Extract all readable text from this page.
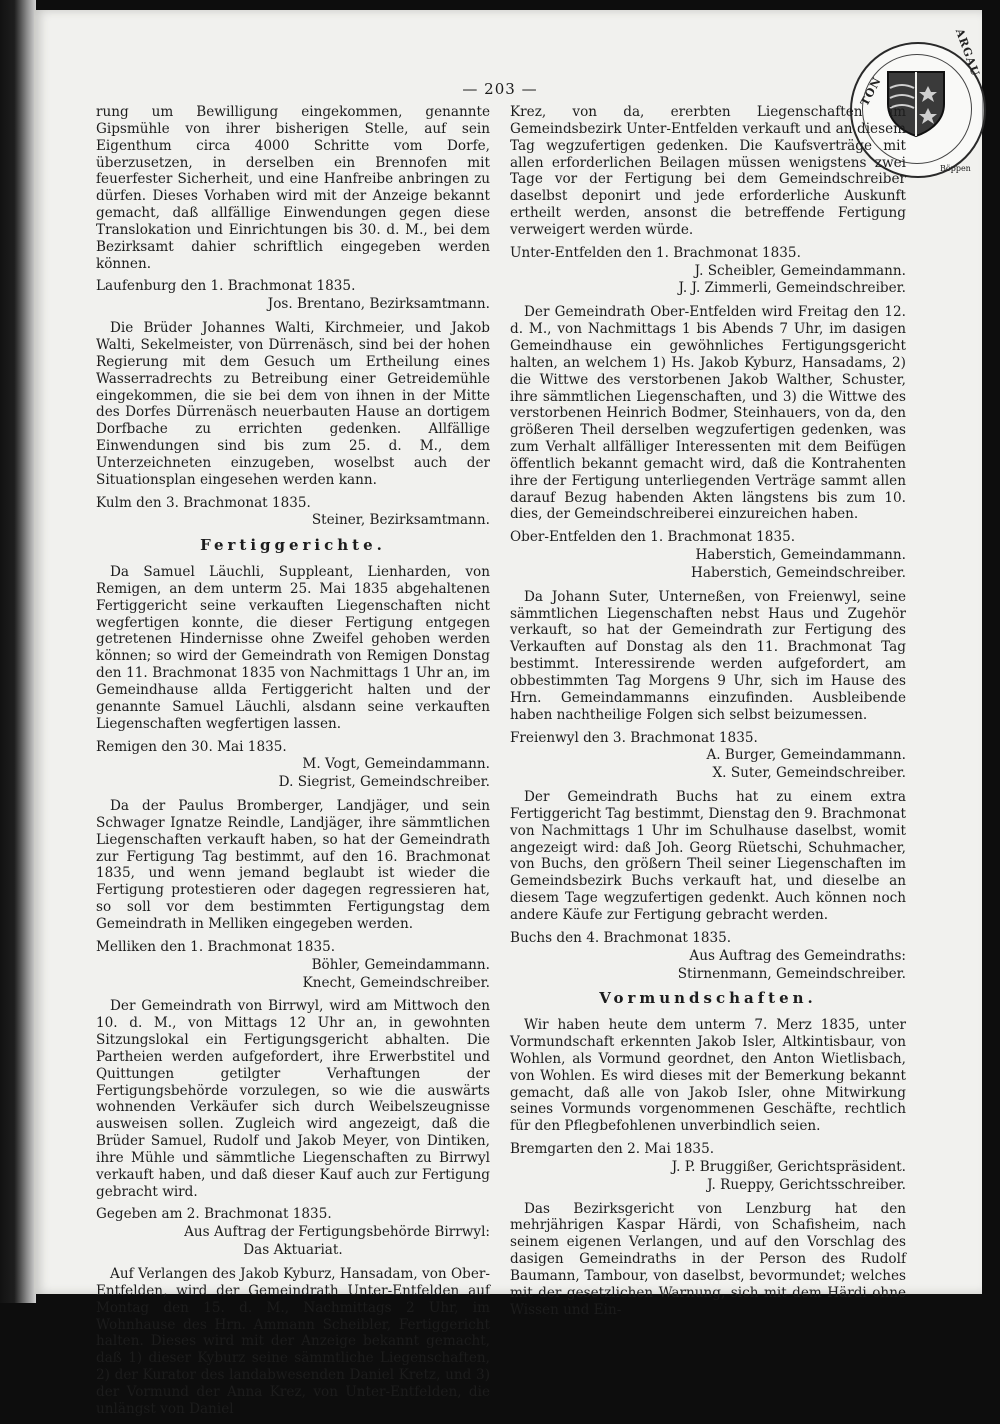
— 203 —	TON
ARGAU
Böppen

rung um Bewilligung eingekommen, genannte Gipsmühle von ihrer bisherigen Stelle, auf sein Eigenthum circa 4000 Schritte vom Dorfe, überzusetzen, in derselben ein Brennofen mit feuerfester Sicherheit, und eine Hanfreibe anbringen zu dürfen. Dieses Vorhaben wird mit der Anzeige bekannt gemacht, daß allfällige Einwendungen gegen diese Translokation und Einrichtungen bis 30. d. M., bei dem Bezirksamt dahier schriftlich eingegeben werden können.

Laufenburg den 1. Brachmonat 1835.
Jos. Brentano, Bezirksamtmann.

Die Brüder Johannes Walti, Kirchmeier, und Jakob Walti, Sekelmeister, von Dürrenäsch, sind bei der hohen Regierung mit dem Gesuch um Ertheilung eines Wasserradrechts zu Betreibung einer Getreidemühle eingekommen, die sie bei dem von ihnen in der Mitte des Dorfes Dürrenäsch neuerbauten Hause an dortigem Dorfbache zu errichten gedenken. Allfällige Einwendungen sind bis zum 25. d. M., dem Unterzeichneten einzugeben, woselbst auch der Situationsplan eingesehen werden kann.

Kulm den 3. Brachmonat 1835.
Steiner, Bezirksamtmann.
Fertiggerichte.

Da Samuel Läuchli, Suppleant, Lienharden, von Remigen, an dem unterm 25. Mai 1835 abgehaltenen Fertiggericht seine verkauften Liegenschaften nicht wegfertigen konnte, die dieser Fertigung entgegen getretenen Hindernisse ohne Zweifel gehoben werden können; so wird der Gemeindrath von Remigen Donstag den 11. Brachmonat 1835 von Nachmittags 1 Uhr an, im Gemeindhause allda Fertiggericht halten und der genannte Samuel Läuchli, alsdann seine verkauften Liegenschaften wegfertigen lassen.

Remigen den 30. Mai 1835.
M. Vogt, Gemeindammann.
D. Siegrist, Gemeindschreiber.

Da der Paulus Bromberger, Landjäger, und sein Schwager Ignatze Reindle, Landjäger, ihre sämmtlichen Liegenschaften verkauft haben, so hat der Gemeindrath zur Fertigung Tag bestimmt, auf den 16. Brachmonat 1835, und wenn jemand beglaubt ist wieder die Fertigung protestieren oder dagegen regressieren hat, so soll vor dem bestimmten Fertigungstag dem Gemeindrath in Melliken eingegeben werden.

Melliken den 1. Brachmonat 1835.
Böhler, Gemeindammann.
Knecht, Gemeindschreiber.

Der Gemeindrath von Birrwyl, wird am Mittwoch den 10. d. M., von Mittags 12 Uhr an, in gewohnten Sitzungslokal ein Fertigungsgericht abhalten. Die Partheien werden aufgefordert, ihre Erwerbstitel und Quittungen getilgter Verhaftungen der Fertigungsbehörde vorzulegen, so wie die auswärts wohnenden Verkäufer sich durch Weibelszeugnisse ausweisen sollen. Zugleich wird angezeigt, daß die Brüder Samuel, Rudolf und Jakob Meyer, von Dintiken, ihre Mühle und sämmtliche Liegenschaften zu Birrwyl verkauft haben, und daß dieser Kauf auch zur Fertigung gebracht wird.

Gegeben am 2. Brachmonat 1835.
Aus Auftrag der Fertigungsbehörde Birrwyl:
Das Aktuariat.

Auf Verlangen des Jakob Kyburz, Hansadam, von Ober-Entfelden, wird der Gemeindrath Unter-Entfelden auf Montag den 15. d. M., Nachmittags 2 Uhr, im Wohnhause des Hrn. Ammann Scheibler, Fertiggericht halten. Dieses wird mit der Anzeige bekannt gemacht, daß 1) dieser Kyburz seine sämmtliche Liegenschaften, 2) der Kurator des landabwesenden Daniel Kretz, und 3) der Vormund der Anna Krez, von Unter-Entfelden, die unlängst von Daniel

Krez, von da, ererbten Liegenschaften im Gemeindsbezirk Unter-Entfelden verkauft und an diesem Tag wegzufertigen gedenken. Die Kaufsverträge mit allen erforderlichen Beilagen müssen wenigstens zwei Tage vor der Fertigung bei dem Gemeindschreiber daselbst deponirt und jede erforderliche Auskunft ertheilt werden, ansonst die betreffende Fertigung verweigert werden würde.

Unter-Entfelden den 1. Brachmonat 1835.
J. Scheibler, Gemeindammann.
J. J. Zimmerli, Gemeindschreiber.

Der Gemeindrath Ober-Entfelden wird Freitag den 12. d. M., von Nachmittags 1 bis Abends 7 Uhr, im dasigen Gemeindhause ein gewöhnliches Fertigungsgericht halten, an welchem 1) Hs. Jakob Kyburz, Hansadams, 2) die Wittwe des verstorbenen Jakob Walther, Schuster, ihre sämmtlichen Liegenschaften, und 3) die Wittwe des verstorbenen Heinrich Bodmer, Steinhauers, von da, den größeren Theil derselben wegzufertigen gedenken, was zum Verhalt allfälliger Interessenten mit dem Beifügen öffentlich bekannt gemacht wird, daß die Kontrahenten ihre der Fertigung unterliegenden Verträge sammt allen darauf Bezug habenden Akten längstens bis zum 10. dies, der Gemeindschreiberei einzureichen haben.

Ober-Entfelden den 1. Brachmonat 1835.
Haberstich, Gemeindammann.
Haberstich, Gemeindschreiber.

Da Johann Suter, Unterneßen, von Freienwyl, seine sämmtlichen Liegenschaften nebst Haus und Zugehör verkauft, so hat der Gemeindrath zur Fertigung des Verkauften auf Donstag als den 11. Brachmonat Tag bestimmt. Interessirende werden aufgefordert, am obbestimmten Tag Morgens 9 Uhr, sich im Hause des Hrn. Gemeindammanns einzufinden. Ausbleibende haben nachtheilige Folgen sich selbst beizumessen.

Freienwyl den 3. Brachmonat 1835.
A. Burger, Gemeindammann.
X. Suter, Gemeindschreiber.

Der Gemeindrath Buchs hat zu einem extra Fertiggericht Tag bestimmt, Dienstag den 9. Brachmonat von Nachmittags 1 Uhr im Schulhause daselbst, womit angezeigt wird: daß Joh. Georg Rüetschi, Schuhmacher, von Buchs, den größern Theil seiner Liegenschaften im Gemeindsbezirk Buchs verkauft hat, und dieselbe an diesem Tage wegzufertigen gedenkt. Auch können noch andere Käufe zur Fertigung gebracht werden.

Buchs den 4. Brachmonat 1835.
Aus Auftrag des Gemeindraths:
Stirnenmann, Gemeindschreiber.
Vormundschaften.

Wir haben heute dem unterm 7. Merz 1835, unter Vormundschaft erkennten Jakob Isler, Altkintisbaur, von Wohlen, als Vormund geordnet, den Anton Wietlisbach, von Wohlen. Es wird dieses mit der Bemerkung bekannt gemacht, daß alle von Jakob Isler, ohne Mitwirkung seines Vormunds vorgenommenen Geschäfte, rechtlich für den Pflegbefohlenen unverbindlich seien.

Bremgarten den 2. Mai 1835.
J. P. Bruggißer, Gerichtspräsident.
J. Rueppy, Gerichtsschreiber.

Das Bezirksgericht von Lenzburg hat den mehrjährigen Kaspar Härdi, von Schafisheim, nach seinem eigenen Verlangen, und auf den Vorschlag des dasigen Gemeindraths in der Person des Rudolf Baumann, Tambour, von daselbst, bevormundet; welches mit der gesetzlichen Warnung, sich mit dem Härdi ohne Wissen und Ein-
